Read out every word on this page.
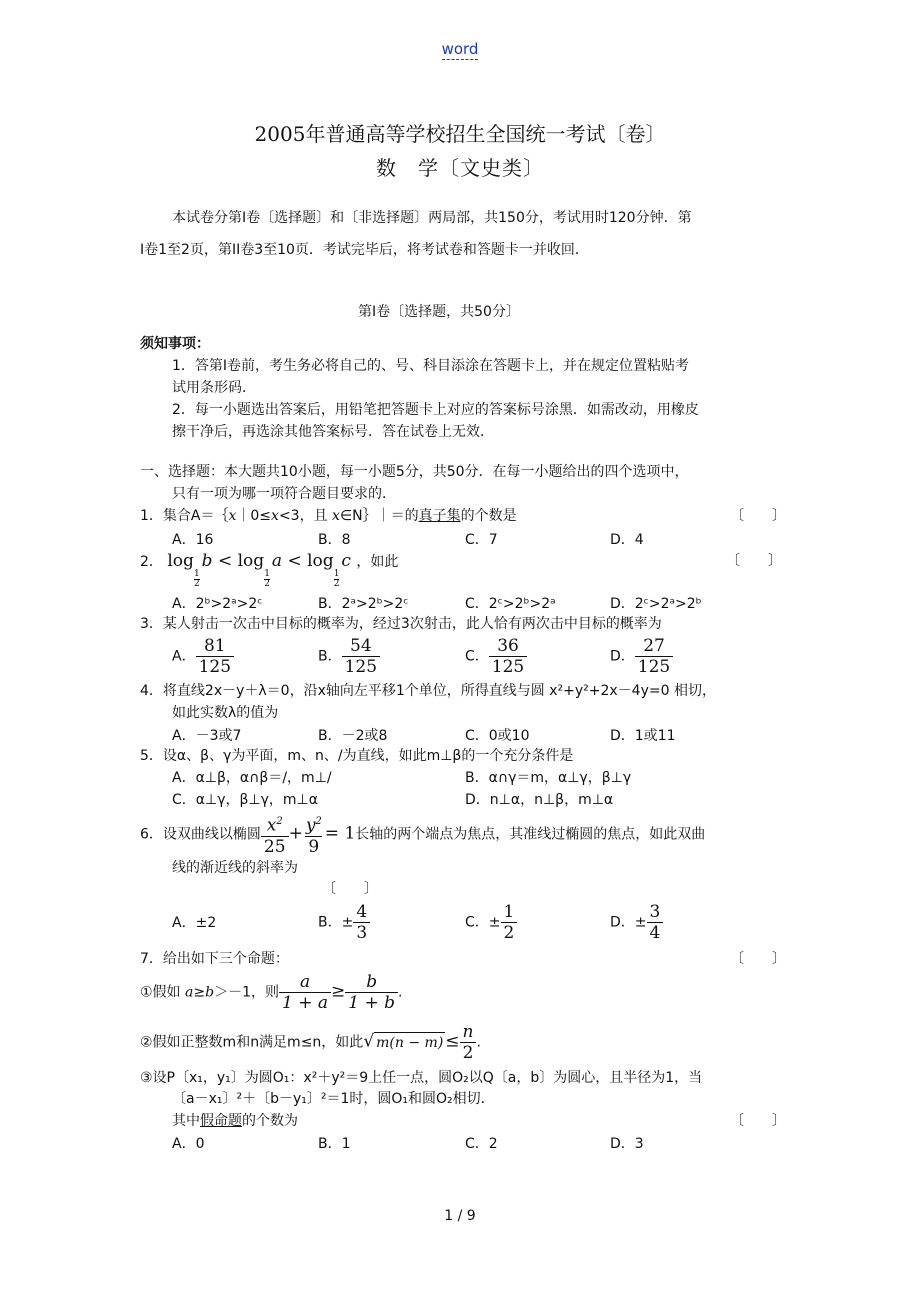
word
2005年普通高等学校招生全国统一考试〔卷〕
数　学〔文史类〕
本试卷分第Ⅰ卷〔选择题〕和〔非选择题〕两局部，共150分，考试用时120分钟．第
Ⅰ卷1至2页，第II卷3至10页．考试完毕后，将考试卷和答题卡一并收回．
第Ⅰ卷〔选择题，共50分〕
须知事项：
1．答第Ⅰ卷前，考生务必将自己的、号、科目添涂在答题卡上，并在规定位置粘贴考
试用条形码．
2．每一小题选出答案后，用铅笔把答题卡上对应的答案标号涂黑．如需改动，用橡皮
擦干净后，再选涂其他答案标号．答在试卷上无效．
一、选择题：本大题共10小题，每一小题5分，共50分．在每一小题给出的四个选项中，
只有一项为哪一项符合题目要求的．
1．集合A＝｛x｜0≤x<3，且 x∈N｝｜＝的真子集的个数是	〔　　〕
A．16	B．8	C．7	D．4
2． log
$\frac{1}{2}$
b < log
$\frac{1}{2}$
a < log
$\frac{1}{2}$
c ，如此	〔　　〕
A．2ᵇ>2ᵃ>2ᶜ	B．2ᵃ>2ᵇ>2ᶜ	C．2ᶜ>2ᵇ>2ᵃ	D．2ᶜ>2ᵃ>2ᵇ
3．某人射击一次击中目标的概率为，经过3次射击，此人恰有两次击中目标的概率为
A． $\frac{81}{125}$	B． $\frac{54}{125}$	C． $\frac{36}{125}$	D． $\frac{27}{125}$
4．将直线2x－y＋λ＝0，沿x轴向左平移1个单位，所得直线与圆 x²+y²+2x－4y=0 相切，
如此实数λ的值为
A．－3或7	B．－2或8	C．0或10	D．1或11
5．设α、β、γ为平面，m、n、/为直线，如此m⊥β的一个充分条件是
A．α⊥β，α∩β＝/，m⊥/	B．α∩γ＝m，α⊥γ，β⊥γ
C．α⊥γ，β⊥γ，m⊥α	D．n⊥α，n⊥β，m⊥α
6．设双曲线以椭圆 $\frac{x^2}{25} + \frac{y^2}{9} = 1$长轴的两个端点为焦点，其准线过椭圆的焦点，如此双曲
线的渐近线的斜率为
〔　　〕
A．±2	B．± $\frac{4}{3}$	C．± $\frac{1}{2}$	D．± $\frac{3}{4}$
7．给出如下三个命题：	〔　　〕
①假如 a≥b＞－1，则 $\frac{a}{1 + a} \ge \frac{b}{1 + b}$ .
②假如正整数m和n满足m≤n，如此√ $m(n - m) \le \frac{n}{2}$ .
③设P〔x₁，y₁〕为圆O₁：x²＋y²＝9上任一点，圆O₂以Q〔a，b〕为圆心，且半径为1，当
〔a－x₁〕²＋〔b－y₁〕²＝1时，圆O₁和圆O₂相切．
其中假命题的个数为	〔　　〕
A．0	B．1	C．2	D．3
1 / 9
